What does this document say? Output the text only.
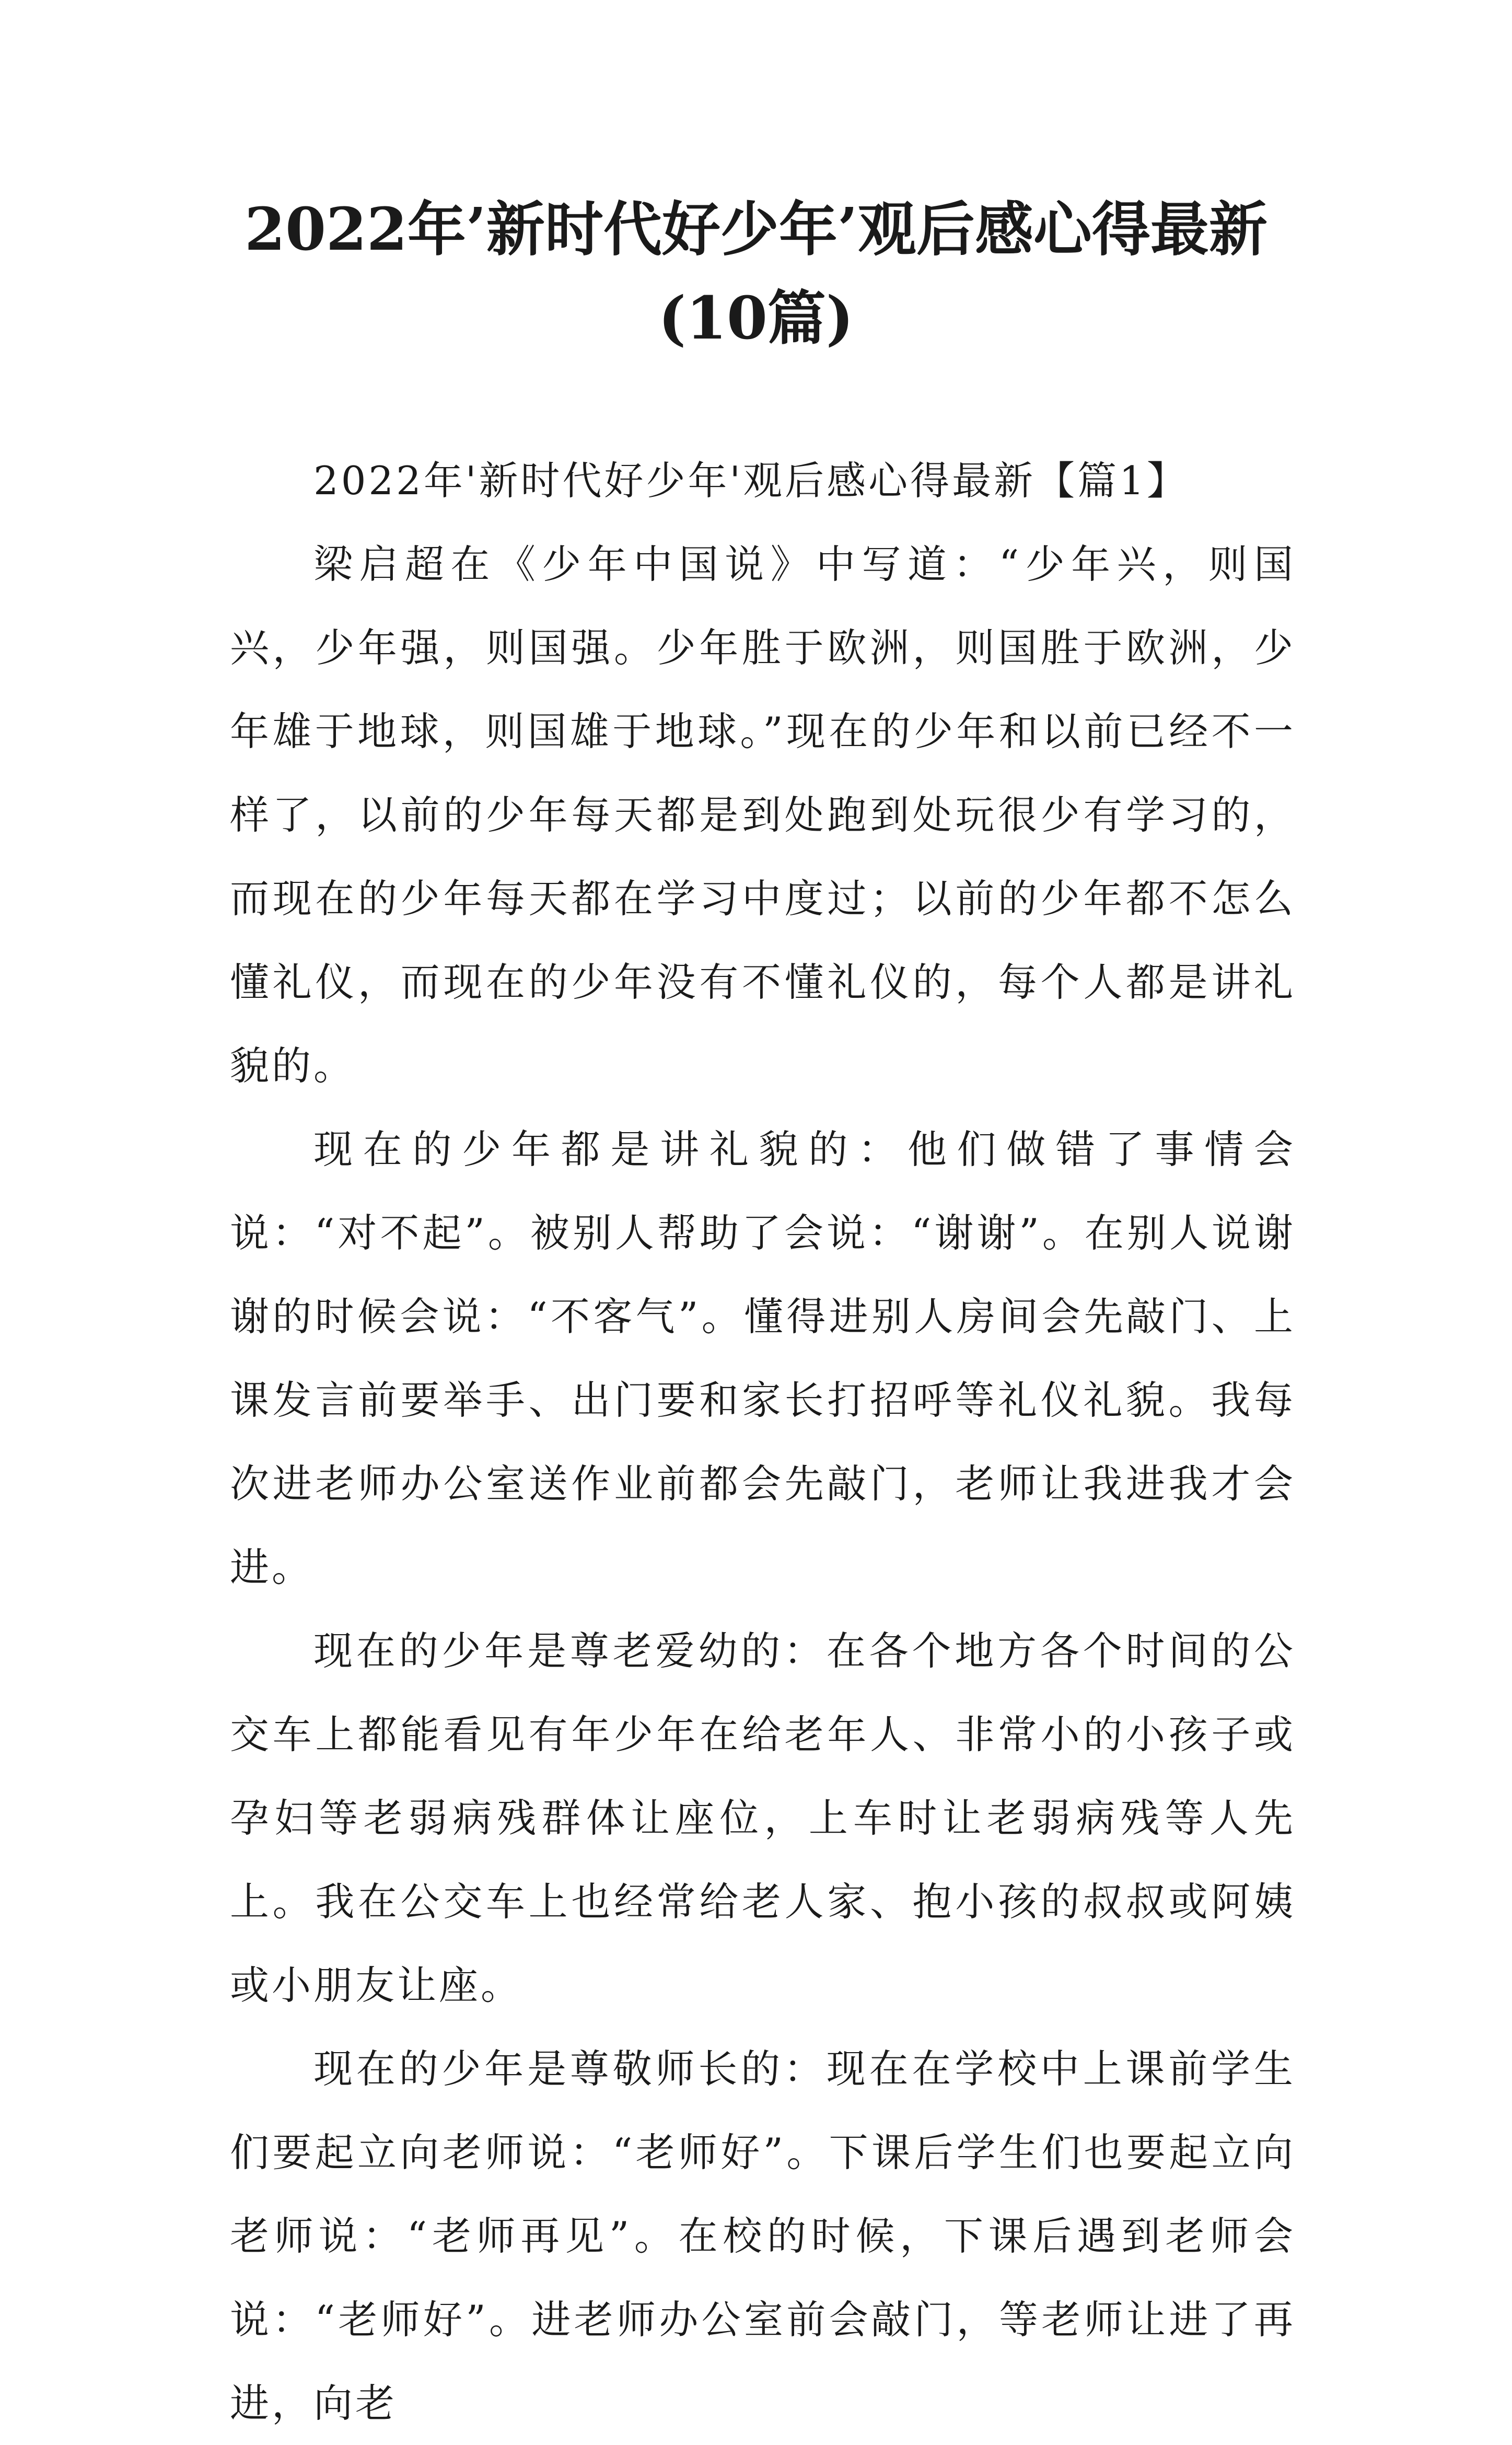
2022年’新时代好少年’观后感心得最新(10篇)

2022年'新时代好少年'观后感心得最新【篇1】

梁启超在《少年中国说》中写道：“少年兴，则国兴，少年强，则国强。少年胜于欧洲，则国胜于欧洲，少年雄于地球，则国雄于地球。”现在的少年和以前已经不一样了，以前的少年每天都是到处跑到处玩很少有学习的，而现在的少年每天都在学习中度过；以前的少年都不怎么懂礼仪，而现在的少年没有不懂礼仪的，每个人都是讲礼貌的。

现在的少年都是讲礼貌的：他们做错了事情会说：“对不起”。被别人帮助了会说：“谢谢”。在别人说谢谢的时候会说：“不客气”。懂得进别人房间会先敲门、上课发言前要举手、出门要和家长打招呼等礼仪礼貌。我每次进老师办公室送作业前都会先敲门，老师让我进我才会进。

现在的少年是尊老爱幼的：在各个地方各个时间的公交车上都能看见有年少年在给老年人、非常小的小孩子或孕妇等老弱病残群体让座位，上车时让老弱病残等人先上。我在公交车上也经常给老人家、抱小孩的叔叔或阿姨或小朋友让座。

现在的少年是尊敬师长的：现在在学校中上课前学生们要起立向老师说：“老师好”。下课后学生们也要起立向老师说：“老师再见”。在校的时候，下课后遇到老师会说：“老师好”。进老师办公室前会敲门，等老师让进了再进，向老
